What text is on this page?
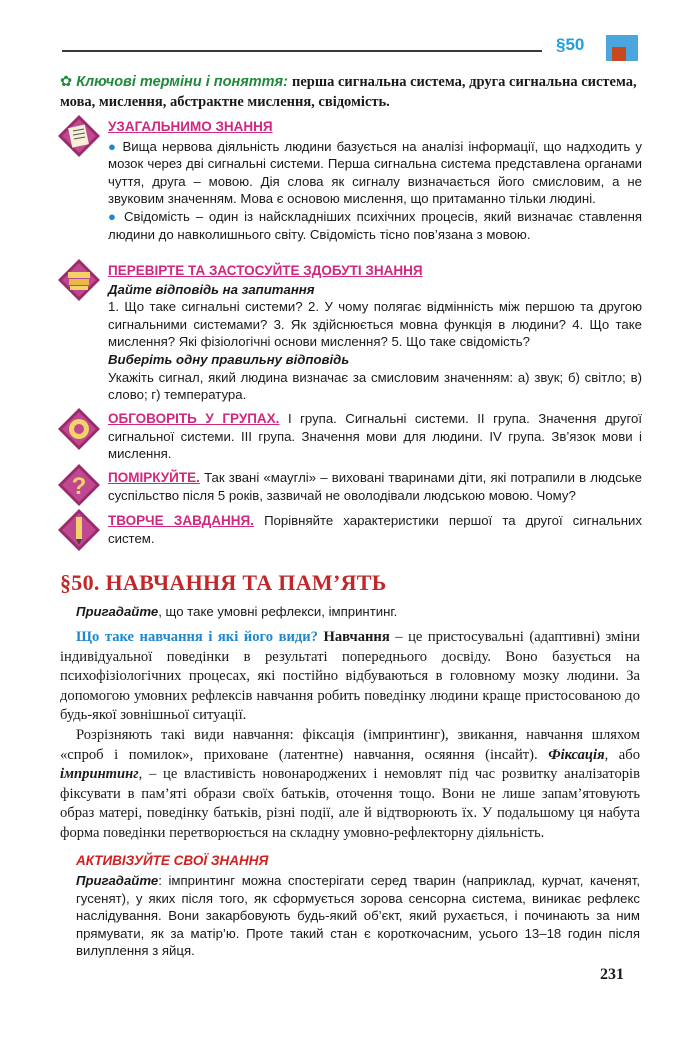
§50
✿ Ключові терміни і поняття: перша сигнальна система, друга сигнальна система, мова, мислення, абстрактне мислення, свідомість.
УЗАГАЛЬНИМО ЗНАННЯ

● Вища нервова діяльність людини базується на аналізі інформації, що надходить у мозок через дві сигнальні системи. Перша сигнальна система представлена органами чуття, друга – мовою. Дія слова як сигналу визначається його смисловим, а не звуковим значенням. Мова є основою мислення, що притаманно тільки людині.

● Свідомість – один із найскладніших психічних процесів, який визначає ставлення людини до навколишнього світу. Свідомість тісно пов’язана з мовою.

ПЕРЕВІРТЕ ТА ЗАСТОСУЙТЕ ЗДОБУТІ ЗНАННЯ
Дайте відповідь на запитання

1. Що таке сигнальні системи? 2. У чому полягає відмінність між першою та другою сигнальними системами? 3. Як здійснюється мовна функція в людини? 4. Що таке мислення? Які фізіологічні основи мислення? 5. Що таке свідомість?

Виберіть одну правильну відповідь

Укажіть сигнал, який людина визначає за смисловим значенням: а) звук; б) світло; в) слово; г) температура.

ОБГОВОРІТЬ У ГРУПАХ. І група. Сигнальні системи. ІІ група. Значення другої сигнальної системи. ІІІ група. Значення мови для людини. ІV група. Зв’язок мови і мислення.

? ПОМІРКУЙТЕ. Так звані «мауглі» – виховані тваринами діти, які потрапили в людське суспільство після 5 років, зазвичай не оволодівали людською мовою. Чому?

ТВОРЧЕ ЗАВДАННЯ. Порівняйте характеристики першої та другої сигнальних систем.

§50. НАВЧАННЯ ТА ПАМ’ЯТЬ
Пригадайте, що таке умовні рефлекси, імпринтинг.

Що таке навчання і які його види? Навчання – це пристосувальні (адаптивні) зміни індивідуальної поведінки в результаті попереднього досвіду. Воно базується на психофізіологічних процесах, які постійно відбуваються в головному мозку людини. За допомогою умовних рефлексів навчання робить поведінку людини краще пристосованою до будь-якої зовнішньої ситуації.

Розрізняють такі види навчання: фіксація (імпринтинг), звикання, навчання шляхом «спроб і помилок», приховане (латентне) навчання, осяяння (інсайт). Фіксація, або імпринтинг, – це властивість новонароджених і немовлят під час розвитку аналізаторів фіксувати в пам’яті образи своїх батьків, оточення тощо. Вони не лише запам’ятовують образ матері, поведінку батьків, різні події, але й відтворюють їх. У подальшому ця набута форма поведінки перетворюється на складну умовно-рефлекторну діяльність.

АКТИВІЗУЙТЕ СВОЇ ЗНАННЯ

Пригадайте: імпринтинг можна спостерігати серед тварин (наприклад, курчат, каченят, гусенят), у яких після того, як сформується зорова сенсорна система, виникає рефлекс наслідування. Вони закарбовують будь-який об’єкт, який рухається, і починають за ним прямувати, як за матір’ю. Проте такий стан є короткочасним, усього 13–18 годин після вилуплення з яйця.

231
